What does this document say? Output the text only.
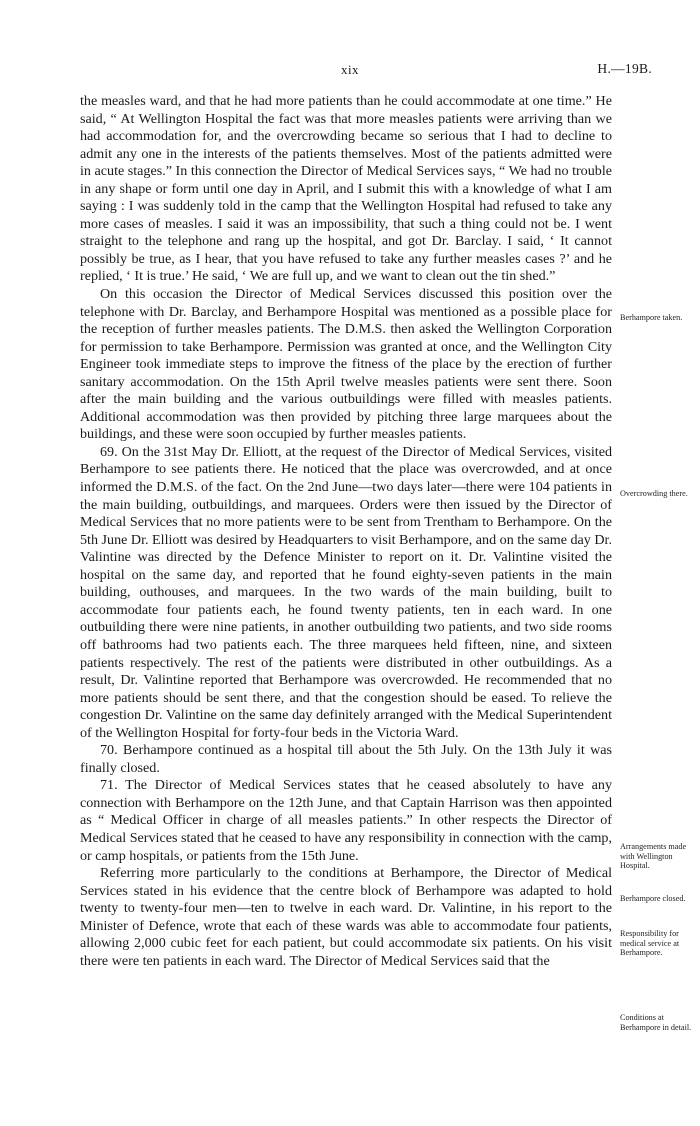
xix	H.—19B.

the measles ward, and that he had more patients than he could accommodate at one time.” He said, “ At Wellington Hospital the fact was that more measles patients were arriving than we had accommodation for, and the overcrowding became so serious that I had to decline to admit any one in the interests of the patients themselves. Most of the patients admitted were in acute stages.” In this connection the Director of Medical Services says, “ We had no trouble in any shape or form until one day in April, and I submit this with a knowledge of what I am saying : I was suddenly told in the camp that the Wellington Hospital had refused to take any more cases of measles. I said it was an impossibility, that such a thing could not be. I went straight to the telephone and rang up the hospital, and got Dr. Barclay. I said, ‘ It cannot possibly be true, as I hear, that you have refused to take any further measles cases ?’ and he replied, ‘ It is true.’ He said, ‘ We are full up, and we want to clean out the tin shed.”

On this occasion the Director of Medical Services discussed this position over the telephone with Dr. Barclay, and Berhampore Hospital was mentioned as a possible place for the reception of further measles patients. The D.M.S. then asked the Wellington Corporation for permission to take Berhampore. Permission was granted at once, and the Wellington City Engineer took immediate steps to improve the fitness of the place by the erection of further sanitary accommodation. On the 15th April twelve measles patients were sent there. Soon after the main building and the various outbuildings were filled with measles patients. Additional accommodation was then provided by pitching three large marquees about the buildings, and these were soon occupied by further measles patients.

69. On the 31st May Dr. Elliott, at the request of the Director of Medical Services, visited Berhampore to see patients there. He noticed that the place was overcrowded, and at once informed the D.M.S. of the fact. On the 2nd June—two days later—there were 104 patients in the main building, outbuildings, and marquees. Orders were then issued by the Director of Medical Services that no more patients were to be sent from Trentham to Berhampore. On the 5th June Dr. Elliott was desired by Headquarters to visit Berhampore, and on the same day Dr. Valintine was directed by the Defence Minister to report on it. Dr. Valintine visited the hospital on the same day, and reported that he found eighty-seven patients in the main building, outhouses, and marquees. In the two wards of the main building, built to accommodate four patients each, he found twenty patients, ten in each ward. In one outbuilding there were nine patients, in another outbuilding two patients, and two side rooms off bathrooms had two patients each. The three marquees held fifteen, nine, and sixteen patients respectively. The rest of the patients were distributed in other outbuildings. As a result, Dr. Valintine reported that Berhampore was overcrowded. He recommended that no more patients should be sent there, and that the congestion should be eased. To relieve the congestion Dr. Valintine on the same day definitely arranged with the Medical Superintendent of the Wellington Hospital for forty-four beds in the Victoria Ward.

70. Berhampore continued as a hospital till about the 5th July. On the 13th July it was finally closed.

71. The Director of Medical Services states that he ceased absolutely to have any connection with Berhampore on the 12th June, and that Captain Harrison was then appointed as “ Medical Officer in charge of all measles patients.” In other respects the Director of Medical Services stated that he ceased to have any responsibility in connection with the camp, or camp hospitals, or patients from the 15th June.

Referring more particularly to the conditions at Berhampore, the Director of Medical Services stated in his evidence that the centre block of Berhampore was adapted to hold twenty to twenty-four men—ten to twelve in each ward. Dr. Valintine, in his report to the Minister of Defence, wrote that each of these wards was able to accommodate four patients, allowing 2,000 cubic feet for each patient, but could accommodate six patients. On his visit there were ten patients in each ward. The Director of Medical Services said that the

Berhampore taken.
Overcrowding there.
Arrangements made with Wellington Hospital.
Berhampore closed.
Responsibility for medical service at Berhampore.
Conditions at Berhampore in detail.
